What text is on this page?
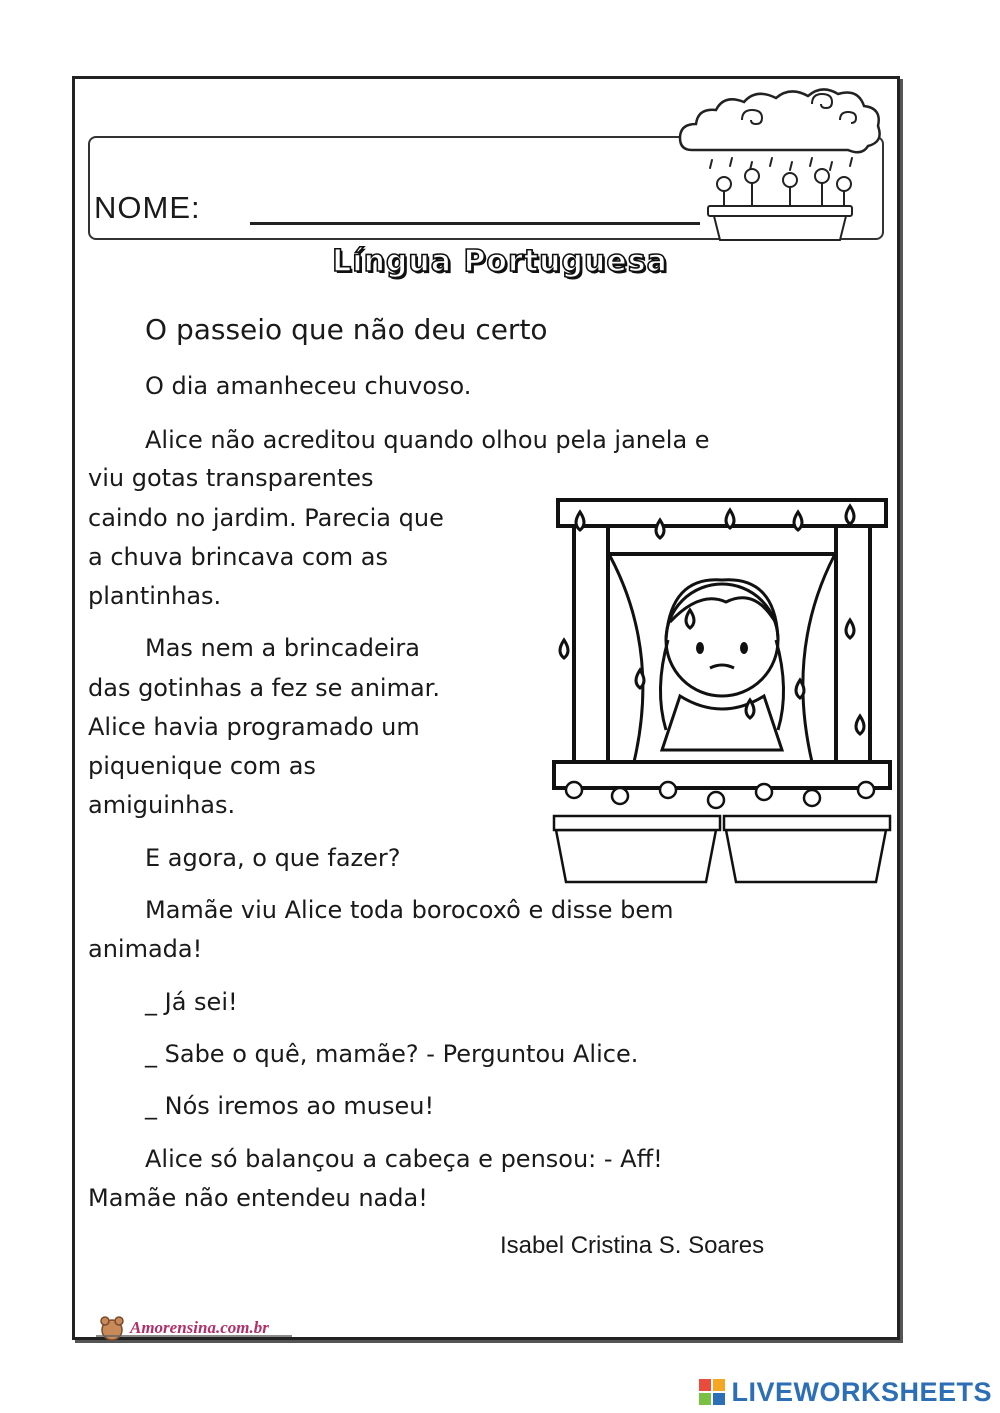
NOME:
Língua Portuguesa
O passeio que não deu certo
O dia amanheceu chuvoso.
Alice não acreditou quando olhou pela janela e
viu gotas transparentes
caindo no jardim. Parecia que
a chuva brincava com as
plantinhas.
Mas nem a brincadeira
das gotinhas a fez se animar.
Alice havia programado um
piquenique com as
amiguinhas.
E agora, o que fazer?
Mamãe viu Alice toda borocoxô e disse bem
animada!
_ Já sei!
_ Sabe o quê, mamãe? - Perguntou Alice.
_ Nós iremos ao museu!
Alice só balançou a cabeça e pensou: - Aff!
Mamãe não entendeu nada!
Isabel Cristina S. Soares
Amorensina.com.br
LIVEWORKSHEETS
